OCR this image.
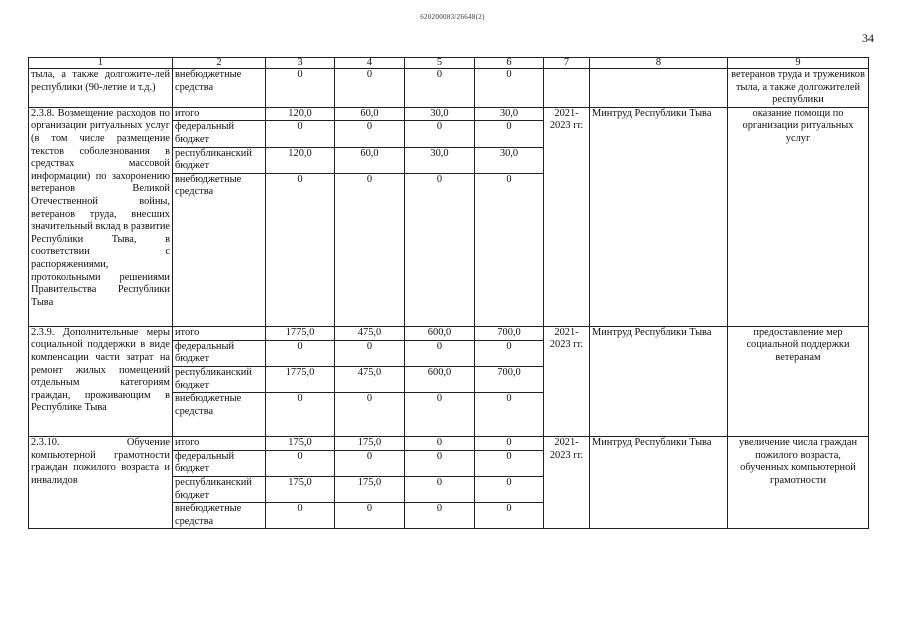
620200083/26648(2)
34
1	2	3	4	5	6	7	8	9
тыла, а также долгожите-лей республики (90-летие и т.д.)	внебюджетные средства	0	0	0	0			ветеранов труда и тружеников тыла, а также долгожителей республики
2.3.8. Возмещение расходов по организации ритуальных услуг (в том числе размещение текстов соболезнования в средствах массовой информации) по захоронению ветеранов Великой Отечественной войны, ветеранов труда, внесших значительный вклад в развитие Республики Тыва, в соответствии с распоряжениями, протокольными решениями Правительства Республики Тыва	итого	120,0	60,0	30,0	30,0	2021-2023 гг.	Минтруд Республики Тыва	оказание помощи по организации ритуальных услуг
	федеральный бюджет	0	0	0	0			
	республиканский бюджет	120,0	60,0	30,0	30,0			
	внебюджетные средства	0	0	0	0			
2.3.9. Дополнительные меры социальной поддержки в виде компенсации части затрат на ремонт жилых помещений отдельным категориям граждан, проживающим в Республике Тыва	итого	1775,0	475,0	600,0	700,0	2021-2023 гг.	Минтруд Республики Тыва	предоставление мер социальной поддержки ветеранам
	федеральный бюджет	0	0	0	0			
	республиканский бюджет	1775,0	475,0	600,0	700,0			
	внебюджетные средства	0	0	0	0			
2.3.10. Обучение компьютерной грамотности граждан пожилого возраста и инвалидов	итого	175,0	175,0	0	0	2021-2023 гг.	Минтруд Республики Тыва	увеличение числа граждан пожилого возраста, обученных компьютерной грамотности
	федеральный бюджет	0	0	0	0			
	республиканский бюджет	175,0	175,0	0	0			
	внебюджетные средства	0	0	0	0			
